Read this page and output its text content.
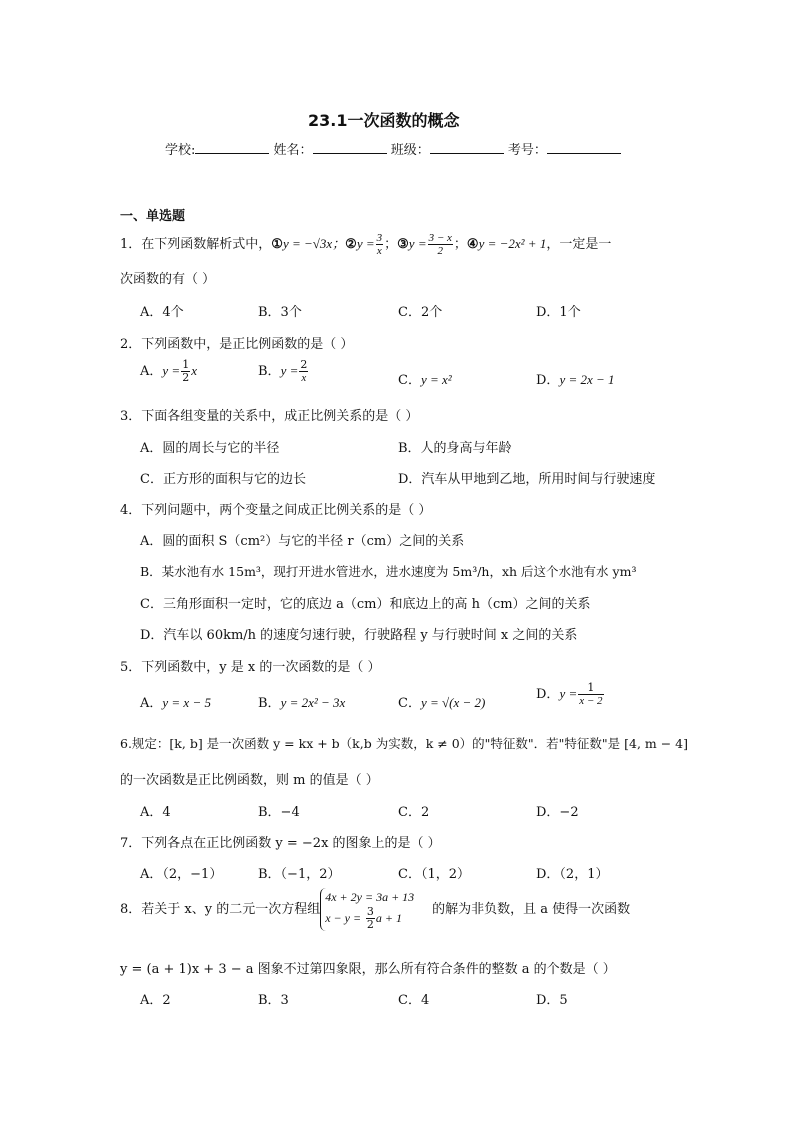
23.1一次函数的概念
学校:	姓名：	班级：	考号：
一、单选题
1．在下列函数解析式中，①y = −√3x；②y = $\frac{3}{x}$ ；③y = $\frac{3 - x}{2}$ ；④y = −2x² + 1，一定是一
次函数的有（ ）
A．4个	B．3个	C．2个	D．1个
2．下列函数中，是正比例函数的是（ ）
A．$y = \frac{1}{2}$ x	B．$y = \frac{2}{x}$	C．y = x²	D．y = 2x − 1
3．下面各组变量的关系中，成正比例关系的是（ ）
A．圆的周长与它的半径	B．人的身高与年龄
C．正方形的面积与它的边长	D．汽车从甲地到乙地，所用时间与行驶速度
4．下列问题中，两个变量之间成正比例关系的是（ ）
A．圆的面积 S（cm²）与它的半径 r（cm）之间的关系
B．某水池有水 15m³，现打开进水管进水，进水速度为 5m³/h，xh 后这个水池有水 ym³
C．三角形面积一定时，它的底边 a（cm）和底边上的高 h（cm）之间的关系
D．汽车以 60km/h 的速度匀速行驶，行驶路程 y 与行驶时间 x 之间的关系
5．下列函数中，y 是 x 的一次函数的是（ ）
A．y = x − 5	B．y = 2x² − 3x	C．y = √(x − 2)
D．$y = \frac{1}{x - 2}$
6.规定：[k, b] 是一次函数 y = kx + b（k,b 为实数，k ≠ 0）的"特征数"．若"特征数"是 [4, m − 4]
的一次函数是正比例函数，则 m 的值是（ ）
A．4	B．−4	C．2	D．−2
7．下列各点在正比例函数 y = −2x 的图象上的是（ ）
A．（2，−1）	B．（−1，2）	C．（1，2）	D．（2，1）
8．若关于 x、y 的二元一次方程组
4x + 2y = 3a + 13
$x - y = \frac{3}{2}$ a + 1
的解为非负数，且 a 使得一次函数
y = (a + 1)x + 3 − a 图象不过第四象限，那么所有符合条件的整数 a 的个数是（ ）
A．2	B．3	C．4	D．5
